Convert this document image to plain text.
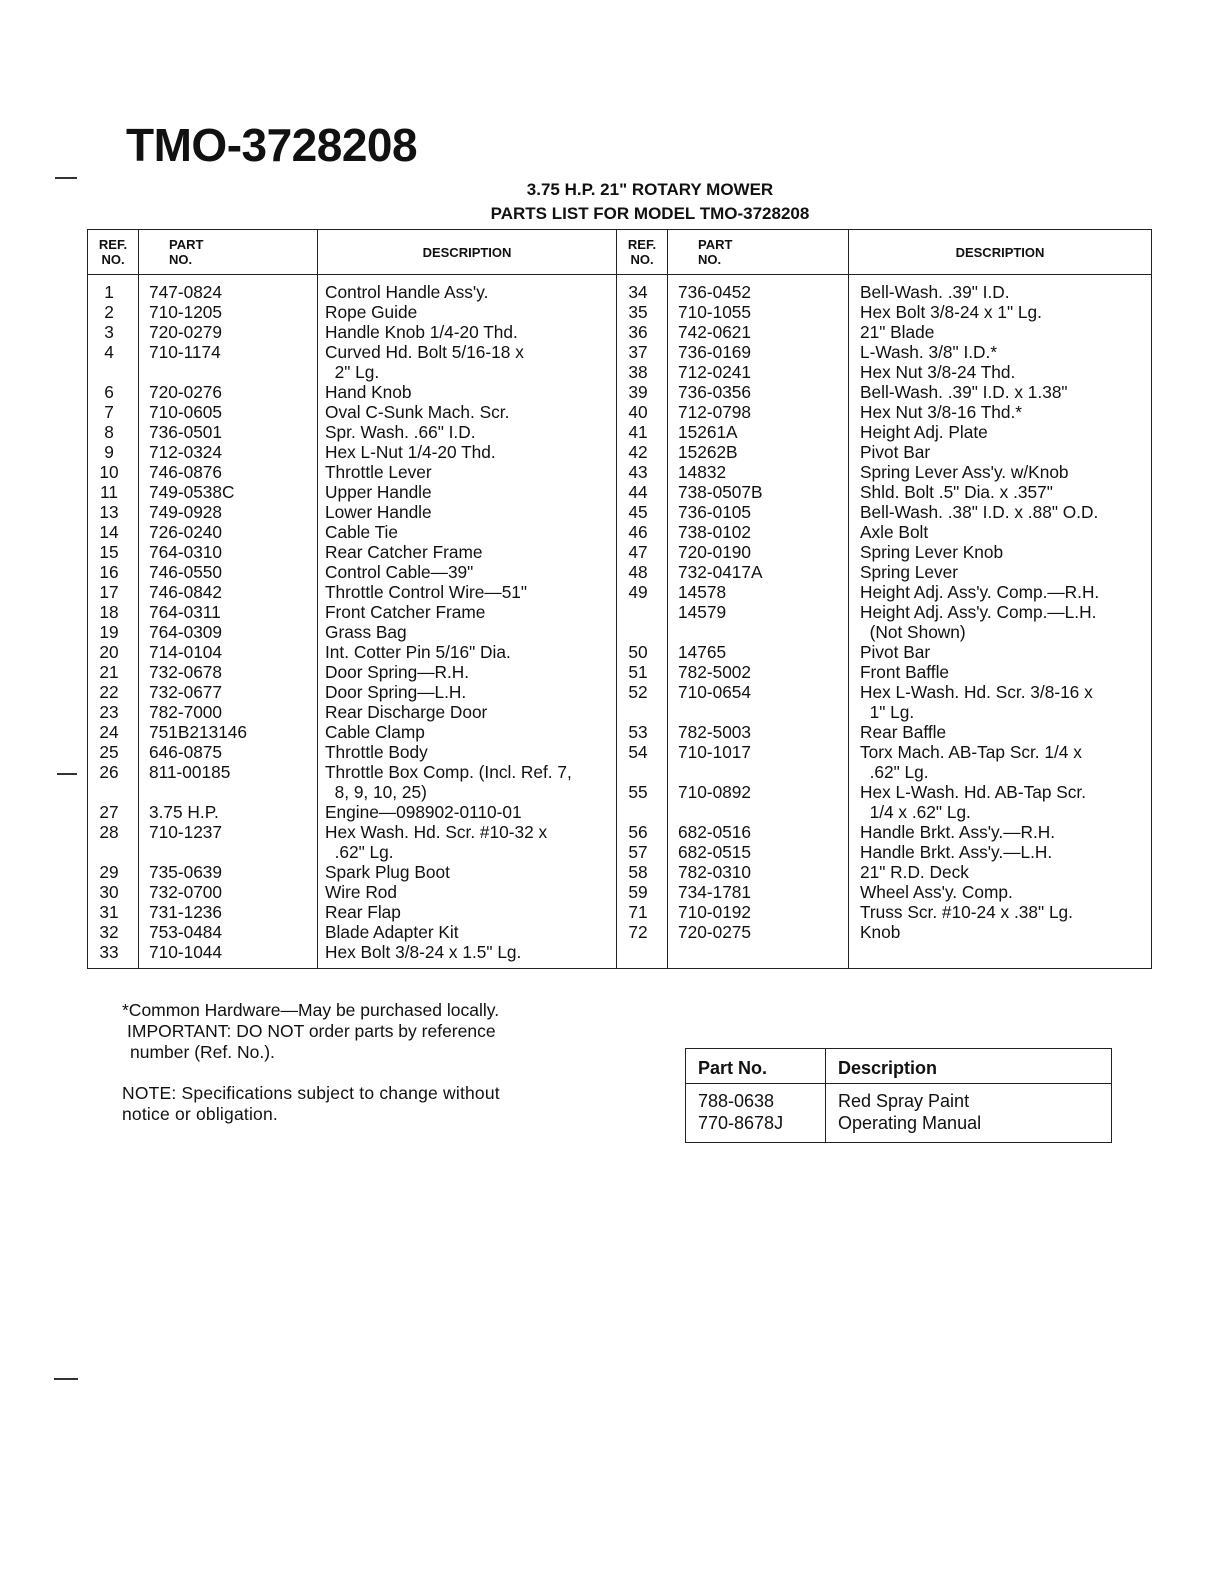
TMO-3728208

3.75 H.P. 21" ROTARY MOWER

PARTS LIST FOR MODEL TMO-3728208

REF.
NO.	PART
NO.	DESCRIPTION	REF.
NO.	PART
NO.	DESCRIPTION
1	747-0824	Control Handle Ass'y.	34	736-0452	Bell-Wash. .39" I.D.
2	710-1205	Rope Guide	35	710-1055	Hex Bolt 3/8-24 x 1" Lg.
3	720-0279	Handle Knob 1/4-20 Thd.	36	742-0621	21" Blade
4	710-1174	Curved Hd. Bolt 5/16-18 x	37	736-0169	L-Wash. 3/8" I.D.*
		2" Lg.	38	712-0241	Hex Nut 3/8-24 Thd.
6	720-0276	Hand Knob	39	736-0356	Bell-Wash. .39" I.D. x 1.38"
7	710-0605	Oval C-Sunk Mach. Scr.	40	712-0798	Hex Nut 3/8-16 Thd.*
8	736-0501	Spr. Wash. .66" I.D.	41	15261A	Height Adj. Plate
9	712-0324	Hex L-Nut 1/4-20 Thd.	42	15262B	Pivot Bar
10	746-0876	Throttle Lever	43	14832	Spring Lever Ass'y. w/Knob
11	749-0538C	Upper Handle	44	738-0507B	Shld. Bolt .5" Dia. x .357"
13	749-0928	Lower Handle	45	736-0105	Bell-Wash. .38" I.D. x .88" O.D.
14	726-0240	Cable Tie	46	738-0102	Axle Bolt
15	764-0310	Rear Catcher Frame	47	720-0190	Spring Lever Knob
16	746-0550	Control Cable—39"	48	732-0417A	Spring Lever
17	746-0842	Throttle Control Wire—51"	49	14578	Height Adj. Ass'y. Comp.—R.H.
18	764-0311	Front Catcher Frame		14579	Height Adj. Ass'y. Comp.—L.H.
19	764-0309	Grass Bag			(Not Shown)
20	714-0104	Int. Cotter Pin 5/16" Dia.	50	14765	Pivot Bar
21	732-0678	Door Spring—R.H.	51	782-5002	Front Baffle
22	732-0677	Door Spring—L.H.	52	710-0654	Hex L-Wash. Hd. Scr. 3/8-16 x
23	782-7000	Rear Discharge Door			1" Lg.
24	751B213146	Cable Clamp	53	782-5003	Rear Baffle
25	646-0875	Throttle Body	54	710-1017	Torx Mach. AB-Tap Scr. 1/4 x
26	811-00185	Throttle Box Comp. (Incl. Ref. 7,			.62" Lg.
		8, 9, 10, 25)	55	710-0892	Hex L-Wash. Hd. AB-Tap Scr.
27	3.75 H.P.	Engine—098902-0110-01			1/4 x .62" Lg.
28	710-1237	Hex Wash. Hd. Scr. #10-32 x	56	682-0516	Handle Brkt. Ass'y.—R.H.
		.62" Lg.	57	682-0515	Handle Brkt. Ass'y.—L.H.
29	735-0639	Spark Plug Boot	58	782-0310	21" R.D. Deck
30	732-0700	Wire Rod	59	734-1781	Wheel Ass'y. Comp.
31	731-1236	Rear Flap	71	710-0192	Truss Scr. #10-24 x .38" Lg.
32	753-0484	Blade Adapter Kit	72	720-0275	Knob
33	710-1044	Hex Bolt 3/8-24 x 1.5" Lg.			

*Common Hardware—May be purchased locally.
IMPORTANT: DO NOT order parts by reference
number (Ref. No.).

NOTE: Specifications subject to change without
notice or obligation.

Part No.	Description
788-0638	Red Spray Paint
770-8678J	Operating Manual
